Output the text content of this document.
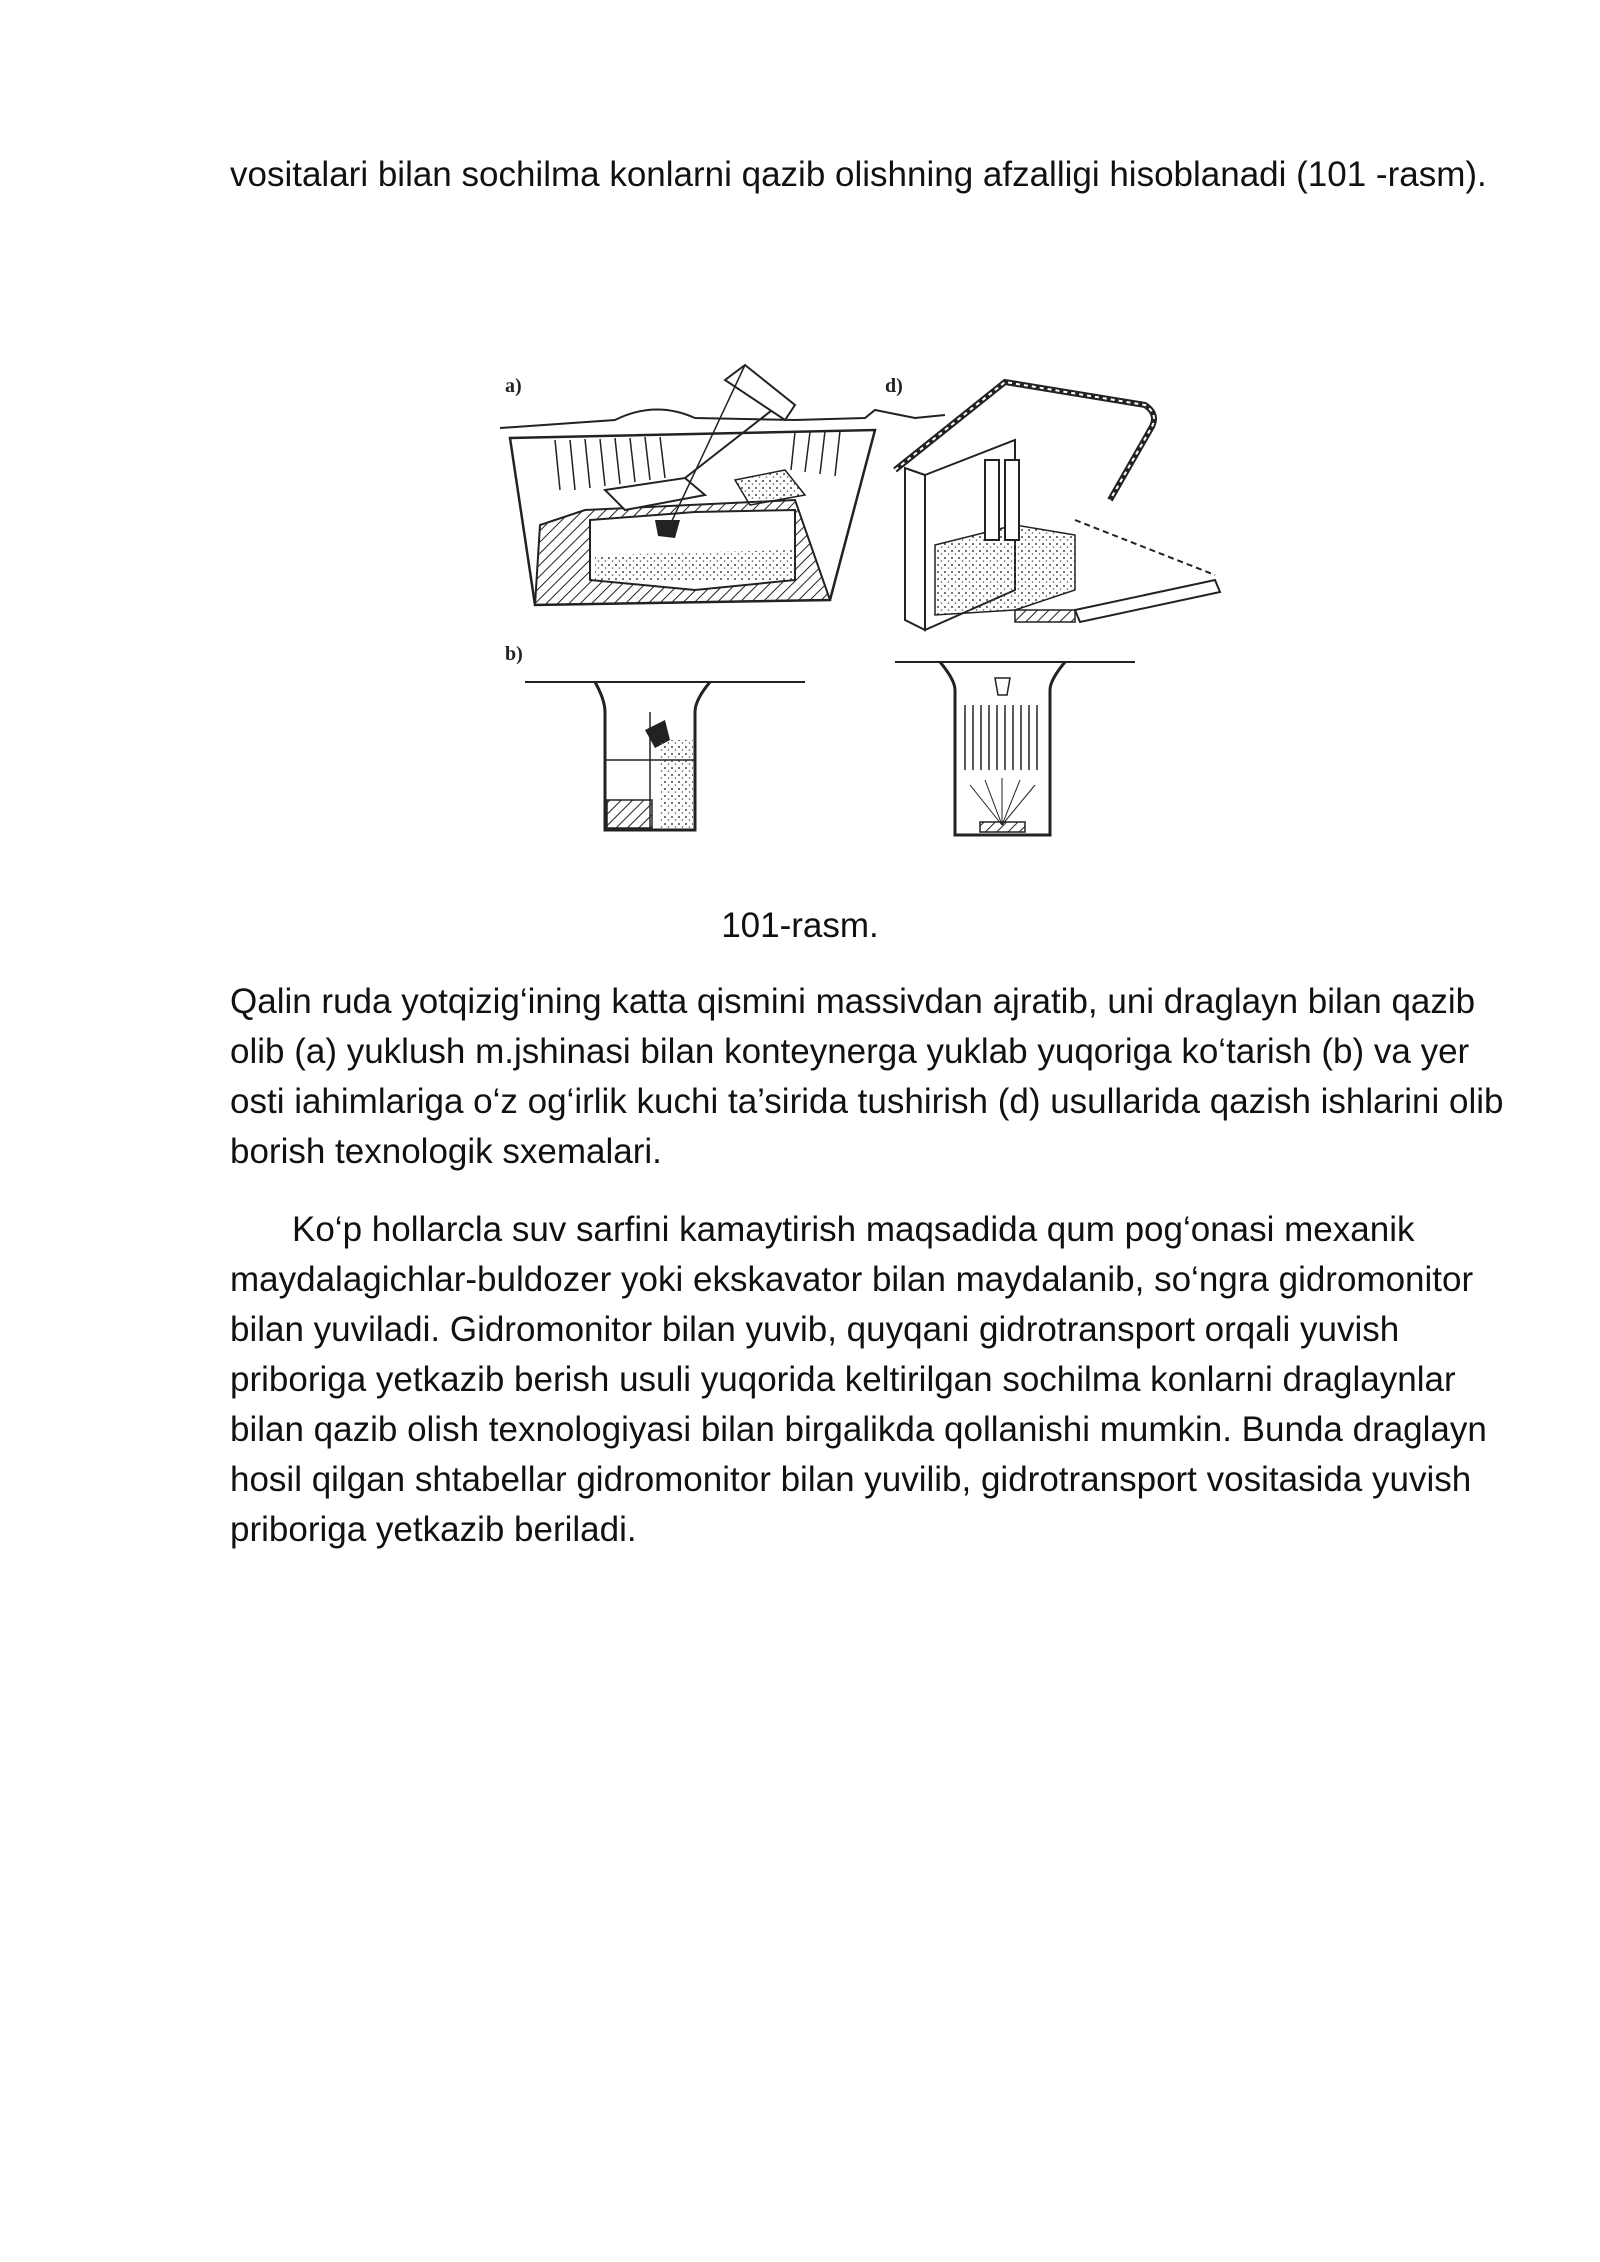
vositalari bilan sochilma konlarni qazib olishning afzalligi hisoblanadi (101 -rasm).

a)	d)
b)

101-rasm.

Qalin ruda yotqizig‘ining katta qismini massivdan ajratib, uni draglayn bilan qazib olib (a) yuklush m.jshinasi bilan konteynerga yuklab yuqoriga ko‘tarish (b) va yer osti iahimlariga o‘z og‘irlik kuchi ta’sirida tushirish (d) usullarida qazish ishlarini olib borish texnologik sxemalari.

Ko‘p hollarcla suv sarfini kamaytirish maqsadida qum pog‘onasi mexanik maydalagichlar-buldozer yoki ekskavator bilan maydalanib, so‘ngra gidromonitor bilan yuviladi. Gidromonitor bilan yuvib, quyqani gidrotransport orqali yuvish priboriga yetkazib berish usuli yuqorida keltirilgan sochilma konlarni draglaynlar bilan qazib olish texnologiyasi bilan birgalikda qollanishi mumkin. Bunda draglayn hosil qilgan shtabellar gidromonitor bilan yuvilib, gidrotransport vositasida yuvish priboriga yetkazib beriladi.
